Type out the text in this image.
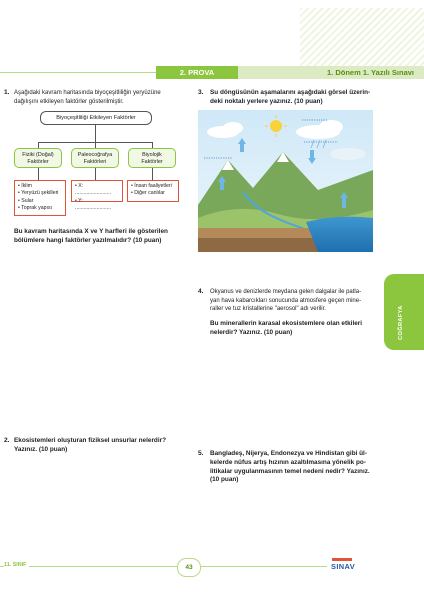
2. PROVA	1. Dönem 1. Yazılı Sınavı
1. Aşağıdaki kavram haritasında biyoçeşitliliğin yeryüzüne
dağılışını etkileyen faktörler gösterilmiştir.
Biyoçeşitliliği Etkileyen Faktörler
Fiziki (Doğal)
Faktörler
Paleocoğrafya
Faktörleri
Biyolojik
Faktörler
• İklim
• Yeryüzü şekilleri
• Sular
• Toprak yapısı
• X: .........................
• Y: .........................
• İnsan faaliyetleri
• Diğer canlılar
Bu kavram haritasında X ve Y harfleri ile gösterilen
bölümlere hangi faktörler yazılmalıdır? (10 puan)
2. Ekosistemleri oluşturan fiziksel unsurlar nelerdir?
Yazınız. (10 puan)
3. Su döngüsünün aşamalarını aşağıdaki görsel üzerin-
deki noktalı yerlere yazınız. (10 puan)
4. Okyanus ve denizlerde meydana gelen dalgalar ile patla-
yan hava kabarcıkları sonucunda atmosfere geçen mine-
raller ve tuz kristallerine "aerosol" adı verilir.
Bu minerallerin karasal ekosistemlere olan etkileri
nelerdir? Yazınız. (10 puan)
5. Bangladeş, Nijerya, Endonezya ve Hindistan gibi ül-
kelerde nüfus artış hızının azaltılmasına yönelik po-
litikalar uygulanmasının temel nedeni nedir? Yazınız.
(10 puan)
COĞRAFYA
11. SINIF	43	SINAV
